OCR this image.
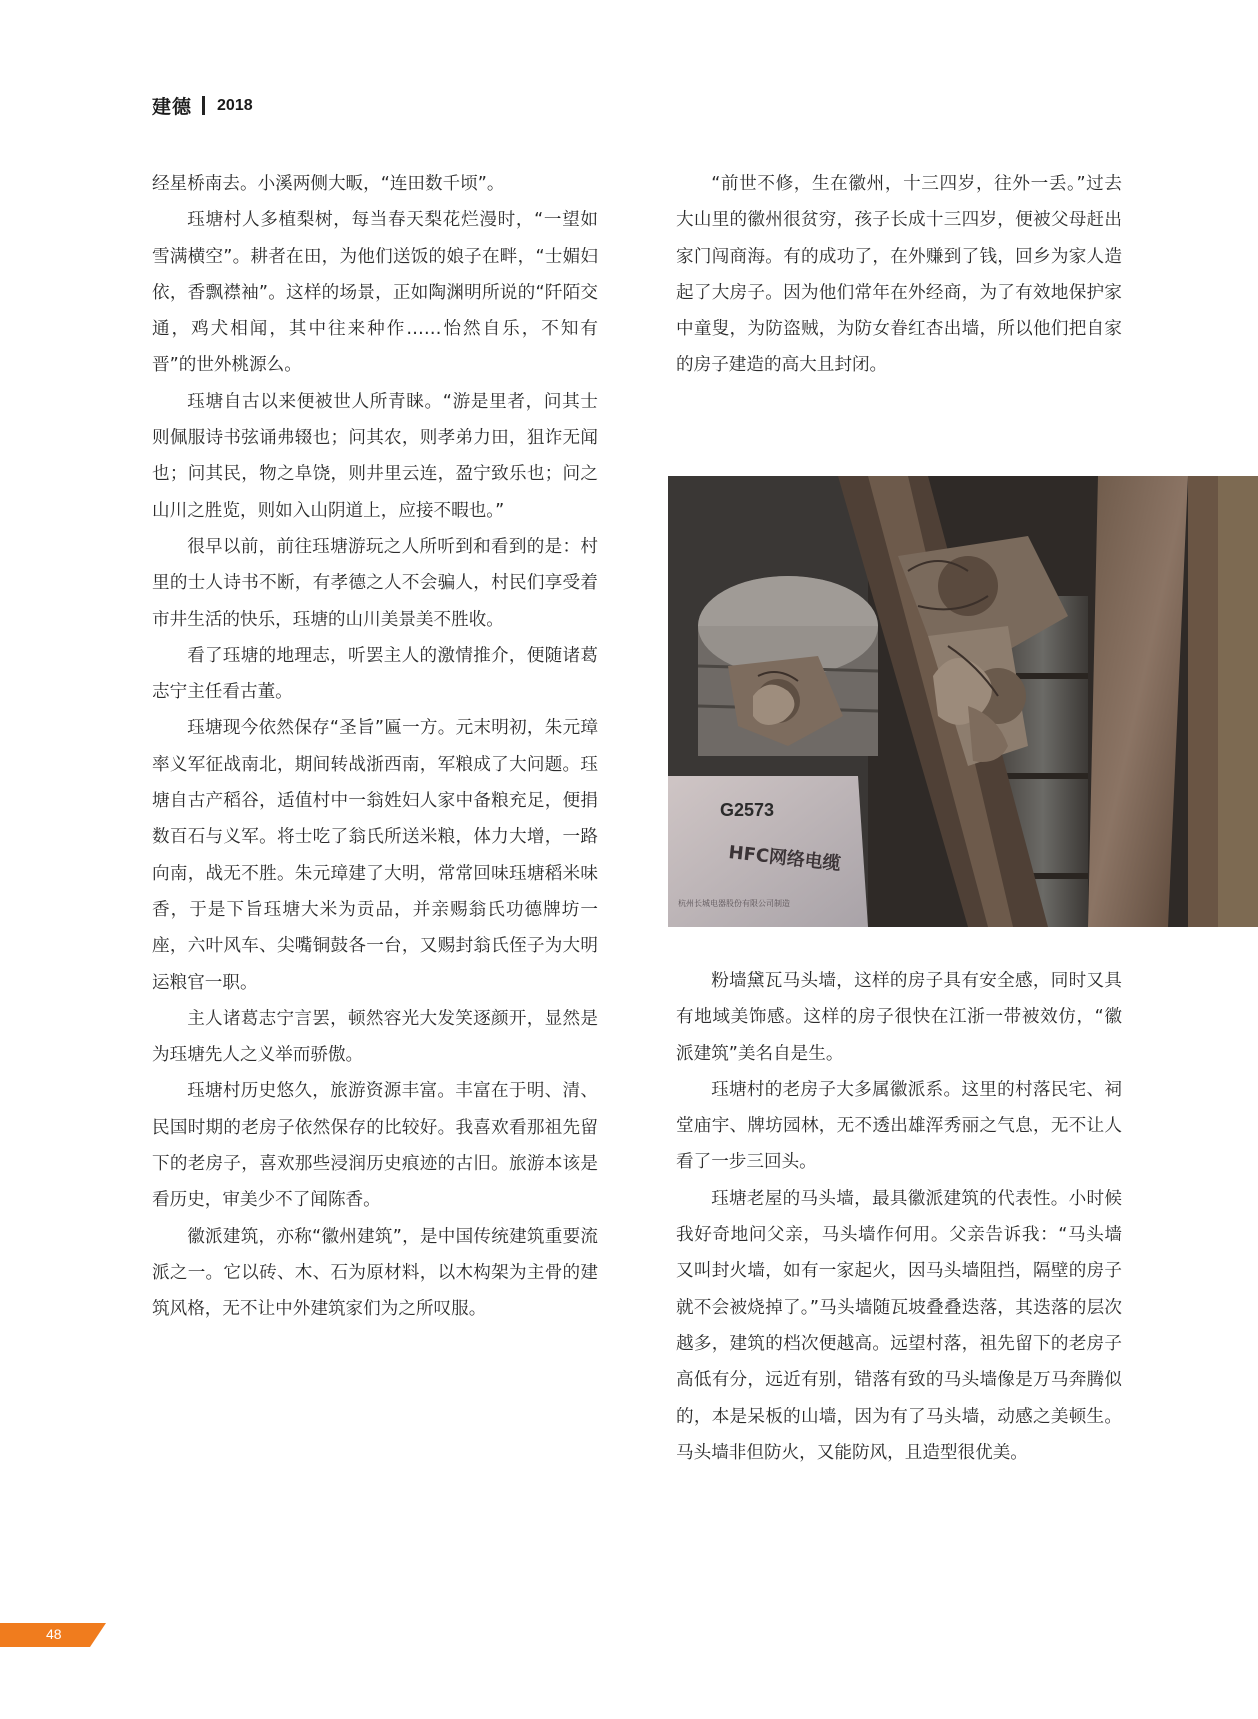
建德 2018

经星桥南去。小溪两侧大畈，“连田数千顷”。

珏塘村人多植梨树，每当春天梨花烂漫时，“一望如雪满横空”。耕者在田，为他们送饭的娘子在畔，“士媚妇依，香飘襟袖”。这样的场景，正如陶渊明所说的“阡陌交通，鸡犬相闻，其中往来种作……怡然自乐，不知有晋”的世外桃源么。

珏塘自古以来便被世人所青睐。“游是里者，问其士则佩服诗书弦诵弗辍也；问其农，则孝弟力田，狙诈无闻也；问其民，物之阜饶，则井里云连，盈宁致乐也；问之山川之胜览，则如入山阴道上，应接不暇也。”

很早以前，前往珏塘游玩之人所听到和看到的是：村里的士人诗书不断，有孝德之人不会骗人，村民们享受着市井生活的快乐，珏塘的山川美景美不胜收。

看了珏塘的地理志，听罢主人的激情推介，便随诸葛志宁主任看古董。

珏塘现今依然保存“圣旨”匾一方。元末明初，朱元璋率义军征战南北，期间转战浙西南，军粮成了大问题。珏塘自古产稻谷，适值村中一翁姓妇人家中备粮充足，便捐数百石与义军。将士吃了翁氏所送米粮，体力大增，一路向南，战无不胜。朱元璋建了大明，常常回味珏塘稻米味香，于是下旨珏塘大米为贡品，并亲赐翁氏功德牌坊一座，六叶风车、尖嘴铜鼓各一台，又赐封翁氏侄子为大明运粮官一职。

主人诸葛志宁言罢，顿然容光大发笑逐颜开，显然是为珏塘先人之义举而骄傲。

珏塘村历史悠久，旅游资源丰富。丰富在于明、清、民国时期的老房子依然保存的比较好。我喜欢看那祖先留下的老房子，喜欢那些浸润历史痕迹的古旧。旅游本该是看历史，审美少不了闻陈香。

徽派建筑，亦称“徽州建筑”，是中国传统建筑重要流派之一。它以砖、木、石为原材料，以木构架为主骨的建筑风格，无不让中外建筑家们为之所叹服。

“前世不修，生在徽州，十三四岁，往外一丢。”过去大山里的徽州很贫穷，孩子长成十三四岁，便被父母赶出家门闯商海。有的成功了，在外赚到了钱，回乡为家人造起了大房子。因为他们常年在外经商，为了有效地保护家中童叟，为防盗贼，为防女眷红杏出墙，所以他们把自家的房子建造的高大且封闭。

G2573
HFC网络电缆
杭州长城电器股份有限公司制造

粉墙黛瓦马头墙，这样的房子具有安全感，同时又具有地域美饰感。这样的房子很快在江浙一带被效仿，“徽派建筑”美名自是生。

珏塘村的老房子大多属徽派系。这里的村落民宅、祠堂庙宇、牌坊园林，无不透出雄浑秀丽之气息，无不让人看了一步三回头。

珏塘老屋的马头墙，最具徽派建筑的代表性。小时候我好奇地问父亲，马头墙作何用。父亲告诉我：“马头墙又叫封火墙，如有一家起火，因马头墙阻挡，隔壁的房子就不会被烧掉了。”马头墙随瓦坡叠叠迭落，其迭落的层次越多，建筑的档次便越高。远望村落，祖先留下的老房子高低有分，远近有别，错落有致的马头墙像是万马奔腾似的，本是呆板的山墙，因为有了马头墙，动感之美顿生。马头墙非但防火，又能防风，且造型很优美。

48
